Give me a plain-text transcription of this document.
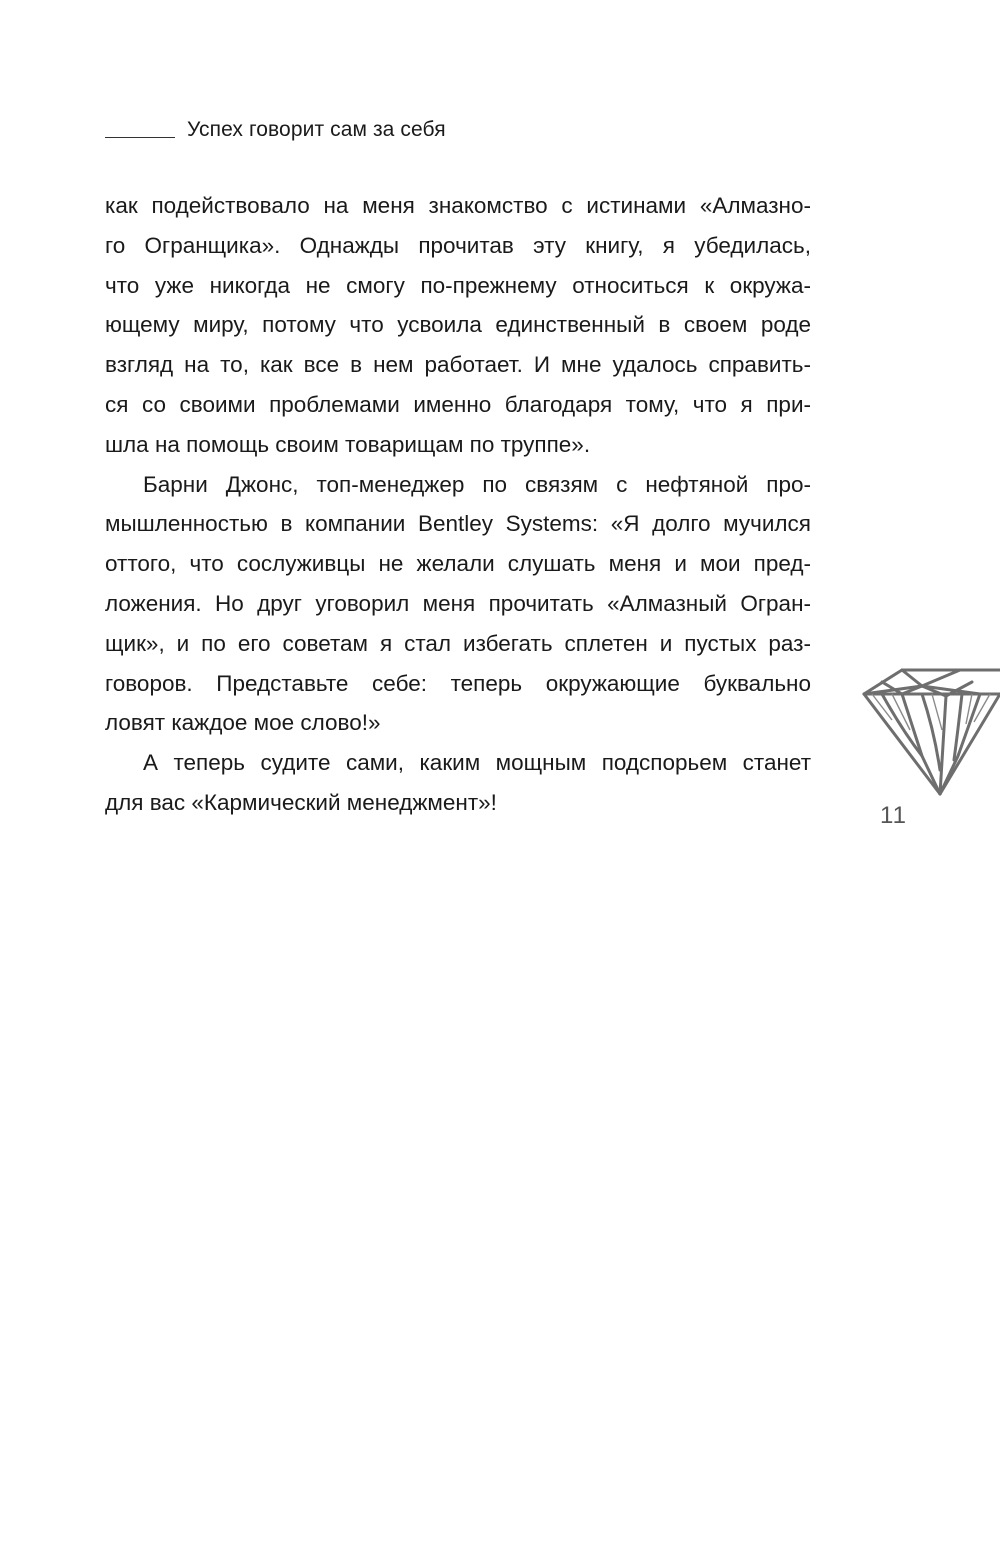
Успех говорит сам за себя
как подействовало на меня знакомство с истинами «Алмазно-
го Огранщика». Однажды прочитав эту книгу, я убедилась,
что уже никогда не смогу по-прежнему относиться к окружа-
ющему миру, потому что усвоила единственный в своем роде
взгляд на то, как все в нем работает. И мне удалось справить-
ся со своими проблемами именно благодаря тому, что я при-
шла на помощь своим товарищам по труппе».
Барни Джонс, топ-менеджер по связям с нефтяной про-
мышленностью в компании Bentley Systems: «Я долго мучился
оттого, что сослуживцы не желали слушать меня и мои пред-
ложения. Но друг уговорил меня прочитать «Алмазный Огран-
щик», и по его советам я стал избегать сплетен и пустых раз-
говоров. Представьте себе: теперь окружающие буквально
ловят каждое мое слово!»
А теперь судите сами, каким мощным подспорьем станет
для вас «Кармический менеджмент»!	11
